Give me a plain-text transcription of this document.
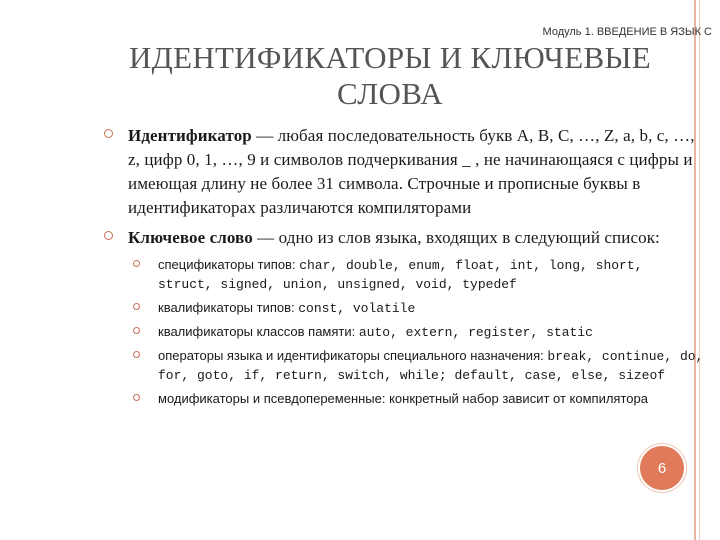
Модуль 1. ВВЕДЕНИЕ В ЯЗЫК С
ИДЕНТИФИКАТОРЫ И КЛЮЧЕВЫЕ
СЛОВА
Идентификатор — любая последовательность букв A, B, C, …, Z, a, b, c, …, z, цифр 0, 1, …, 9 и символов подчеркивания _ , не начинающаяся с цифры и имеющая длину не более 31 символа. Строчные и прописные буквы в идентификаторах различаются компиляторами
Ключевое слово — одно из слов языка, входящих в следующий список:
спецификаторы типов: char, double, enum, float, int, long, short, struct, signed, union, unsigned, void, typedef
квалификаторы типов: const, volatile
квалификаторы классов памяти: auto, extern, register, static
операторы языка и идентификаторы специального назначения: break, continue, do, for, goto, if, return, switch, while; default, case, else, sizeof
модификаторы и псевдопеременные: конкретный набор зависит от компилятора
6
